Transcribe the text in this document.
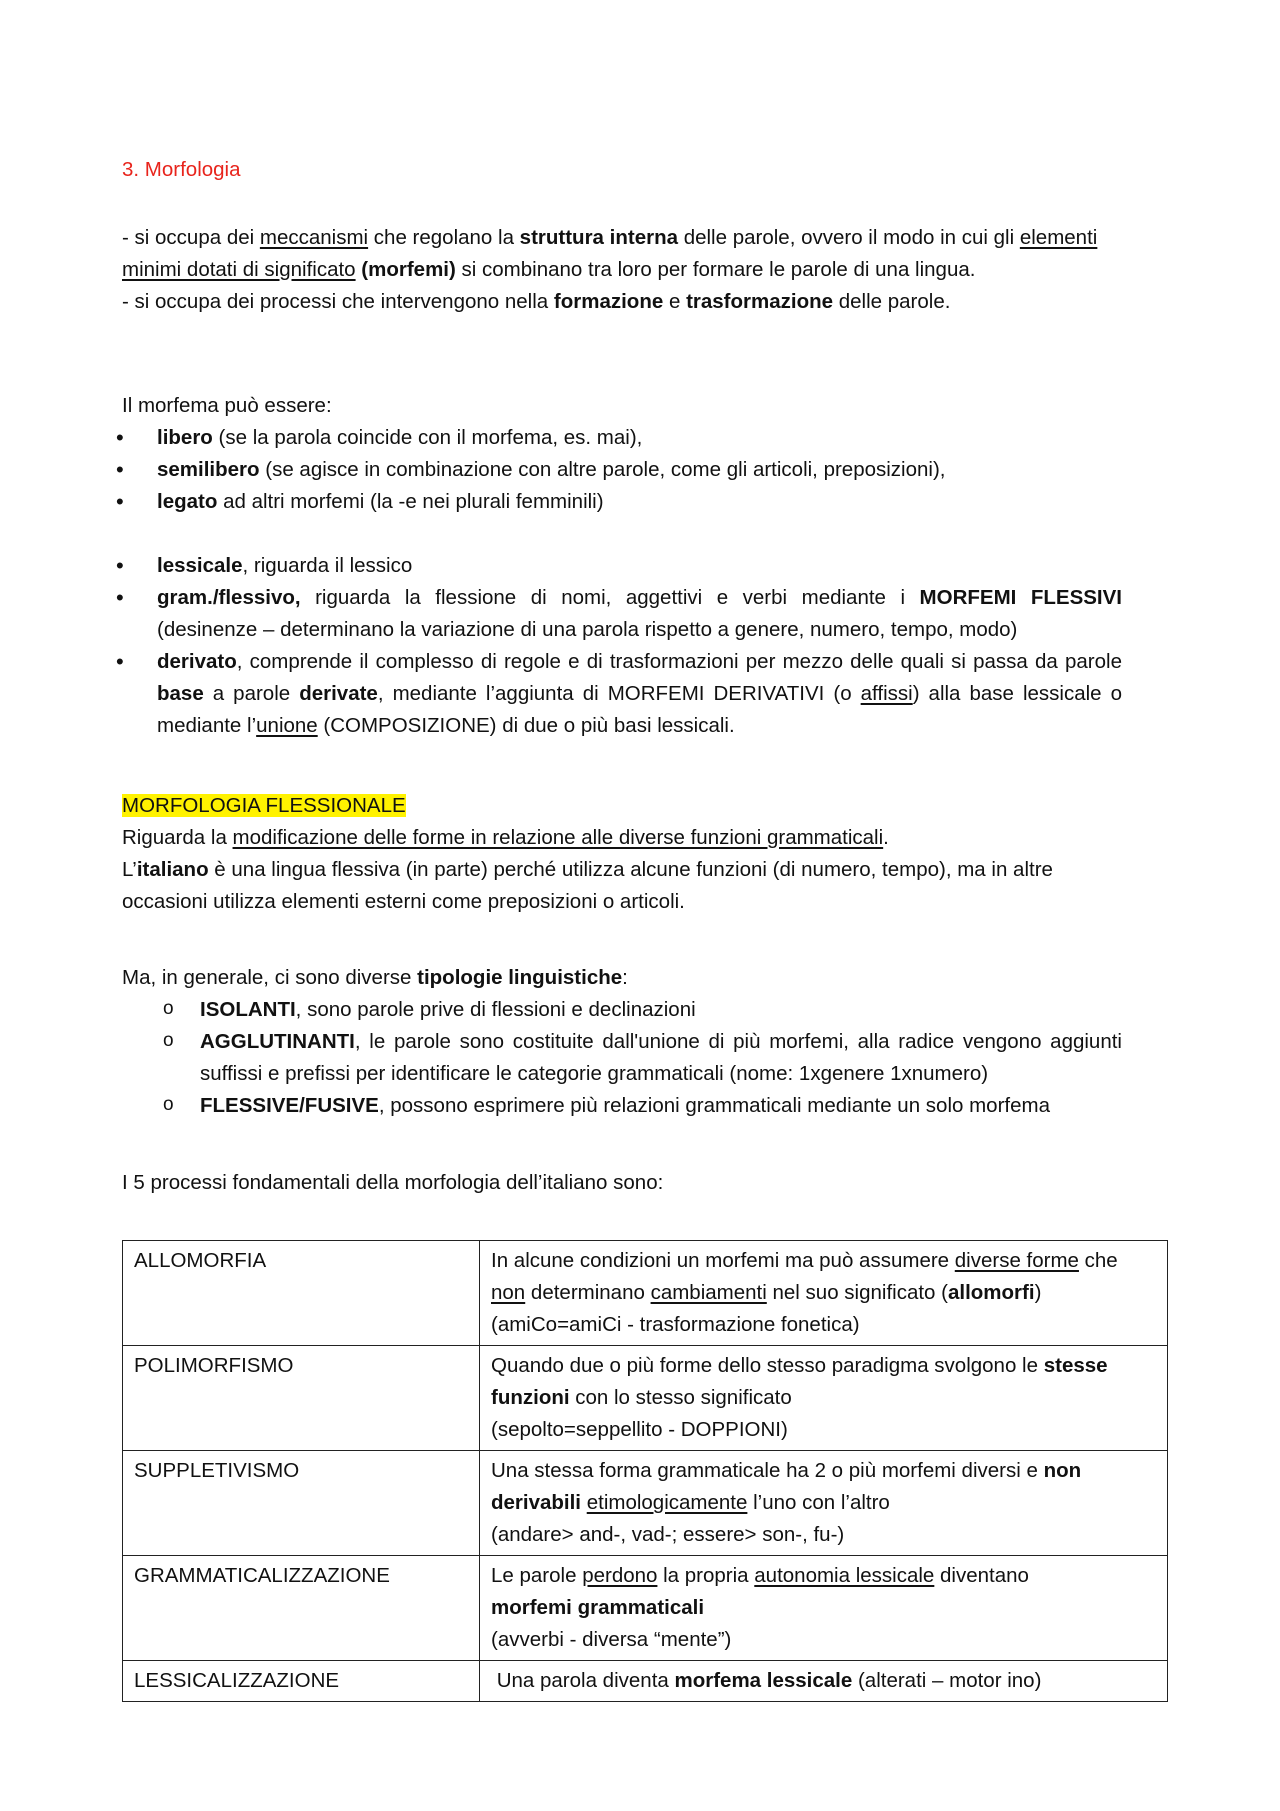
3. Morfologia
- si occupa dei meccanismi che regolano la struttura interna delle parole, ovvero il modo in cui gli elementi minimi dotati di significato (morfemi) si combinano tra loro per formare le parole di una lingua.
- si occupa dei processi che intervengono nella formazione e trasformazione delle parole.
Il morfema può essere:
• libero (se la parola coincide con il morfema, es. mai),
• semilibero (se agisce in combinazione con altre parole, come gli articoli, preposizioni),
• legato ad altri morfemi (la -e nei plurali femminili)
• lessicale, riguarda il lessico
• gram./flessivo, riguarda la flessione di nomi, aggettivi e verbi mediante i MORFEMI FLESSIVI (desinenze – determinano la variazione di una parola rispetto a genere, numero, tempo, modo)
• derivato, comprende il complesso di regole e di trasformazioni per mezzo delle quali si passa da parole base a parole derivate, mediante l’aggiunta di MORFEMI DERIVATIVI (o affissi) alla base lessicale o mediante l’unione (COMPOSIZIONE) di due o più basi lessicali.
MORFOLOGIA FLESSIONALE
Riguarda la modificazione delle forme in relazione alle diverse funzioni grammaticali.
L’italiano è una lingua flessiva (in parte) perché utilizza alcune funzioni (di numero, tempo), ma in altre occasioni utilizza elementi esterni come preposizioni o articoli.
Ma, in generale, ci sono diverse tipologie linguistiche:
o ISOLANTI, sono parole prive di flessioni e declinazioni
o AGGLUTINANTI, le parole sono costituite dall'unione di più morfemi, alla radice vengono aggiunti suffissi e prefissi per identificare le categorie grammaticali (nome: 1xgenere 1xnumero)
o FLESSIVE/FUSIVE, possono esprimere più relazioni grammaticali mediante un solo morfema
I 5 processi fondamentali della morfologia dell’italiano sono:
ALLOMORFIA	In alcune condizioni un morfemi ma può assumere diverse forme che non determinano cambiamenti nel suo significato (allomorfi)
(amiCo=amiCi - trasformazione fonetica)
POLIMORFISMO	Quando due o più forme dello stesso paradigma svolgono le stesse funzioni con lo stesso significato
(sepolto=seppellito - DOPPIONI)
SUPPLETIVISMO	Una stessa forma grammaticale ha 2 o più morfemi diversi e non derivabili etimologicamente l’uno con l’altro
(andare> and-, vad-; essere> son-, fu-)
GRAMMATICALIZZAZIONE	Le parole perdono la propria autonomia lessicale diventano
morfemi grammaticali
(avverbi - diversa “mente”)
LESSICALIZZAZIONE	Una parola diventa morfema lessicale (alterati – motor ino)
